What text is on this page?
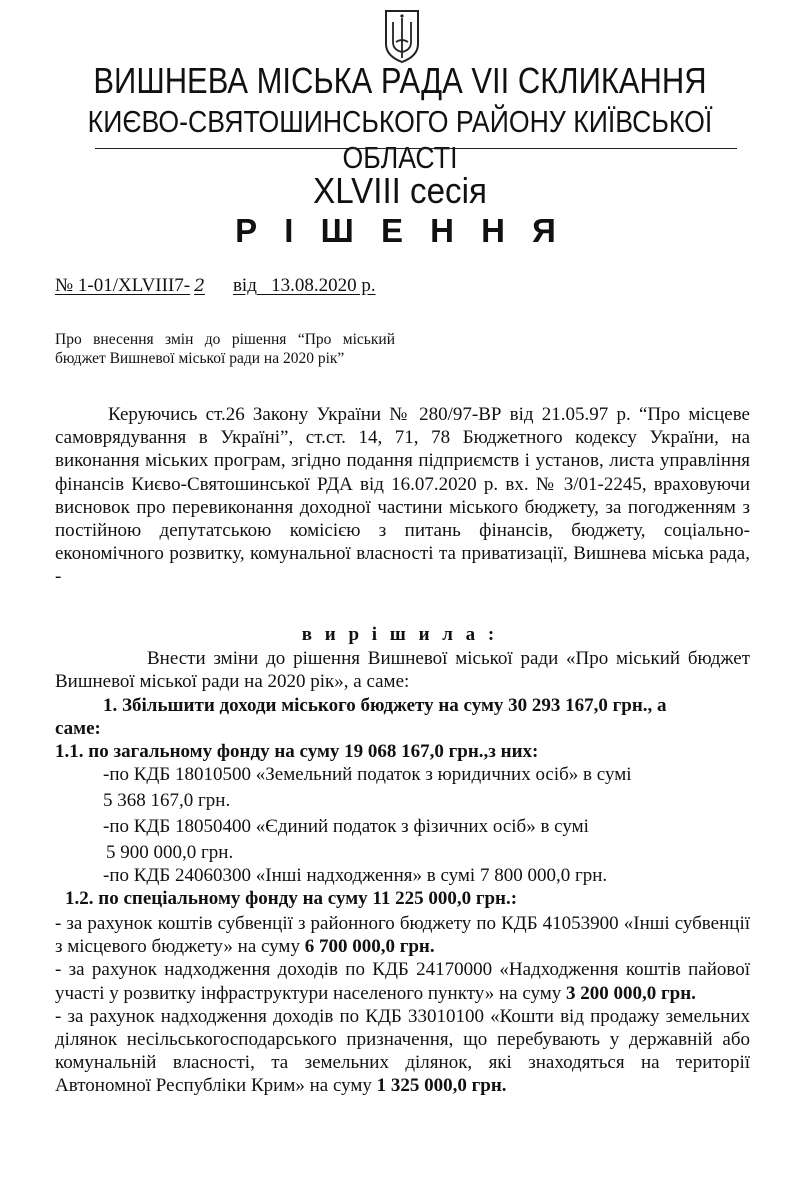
ВИШНЕВА МІСЬКА РАДА VII СКЛИКАННЯ
КИЄВО-СВЯТОШИНСЬКОГО РАЙОНУ КИЇВСЬКОЇ ОБЛАСТІ
XLVIII сесія
Р І Ш Е Н Н Я
№ 1-01/XLVIII7- 2 від 13.08.2020 р.
Про внесення змін до рішення “Про міський бюджет Вишневої міської ради на 2020 рік”
Керуючись ст.26 Закону України № 280/97-ВР від 21.05.97 р. “Про місцеве самоврядування в Україні”, ст.ст. 14, 71, 78 Бюджетного кодексу України, на виконання міських програм, згідно подання підприємств і установ, листа управління фінансів Києво-Святошинської РДА від 16.07.2020 р. вх. № 3/01-2245, враховуючи висновок про перевиконання доходної частини міського бюджету, за погодженням з постійною депутатською комісією з питань фінансів, бюджету, соціально-економічного розвитку, комунальної власності та приватизації, Вишнева міська рада, -
в и р і ш и л а :
Внести зміни до рішення Вишневої міської ради «Про міський бюджет Вишневої міської ради на 2020 рік», а саме:
1. Збільшити доходи міського бюджету на суму 30 293 167,0 грн., а
саме:
1.1. по загальному фонду на суму 19 068 167,0 грн.,з них:
-по КДБ 18010500 «Земельний податок з юридичних осіб» в сумі
5 368 167,0 грн.
-по КДБ 18050400 «Єдиний податок з фізичних осіб» в сумі
5 900 000,0 грн.
-по КДБ 24060300 «Інші надходження» в сумі 7 800 000,0 грн.
1.2. по спеціальному фонду на суму 11 225 000,0 грн.:
- за рахунок коштів субвенції з районного бюджету по КДБ 41053900 «Інші субвенції з місцевого бюджету» на суму 6 700 000,0 грн.
- за рахунок надходження доходів по КДБ 24170000 «Надходження коштів пайової участі у розвитку інфраструктури населеного пункту» на суму 3 200 000,0 грн.
- за рахунок надходження доходів по КДБ 33010100 «Кошти від продажу земельних ділянок несільськогосподарського призначення, що перебувають у державній або комунальній власності, та земельних ділянок, які знаходяться на території Автономної Республіки Крим» на суму 1 325 000,0 грн.
